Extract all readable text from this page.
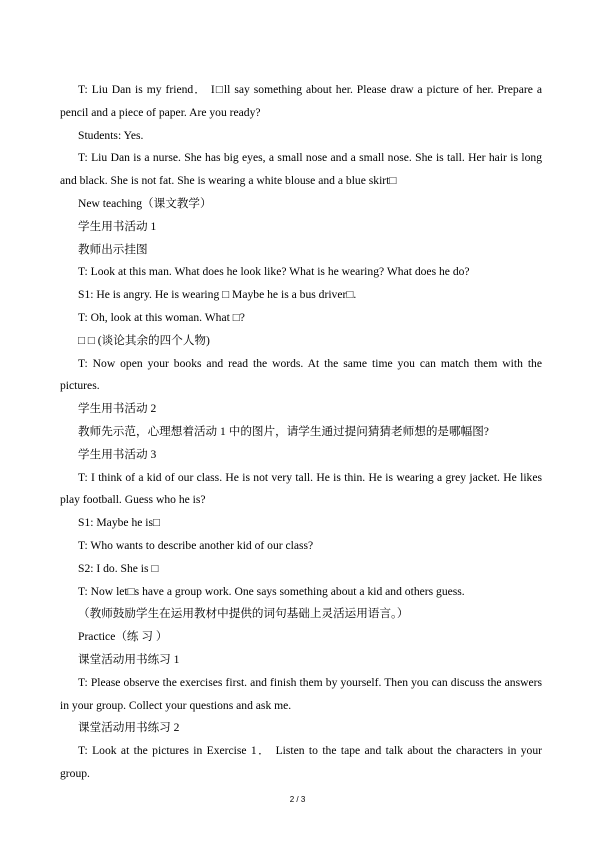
T: Liu Dan is my friend． I□ll say something about her. Please draw a picture of her. Prepare a pencil and a piece of paper. Are you ready?

Students: Yes.

T: Liu Dan is a nurse. She has big eyes, a small nose and a small nose. She is tall. Her hair is long and black. She is not fat. She is wearing a white blouse and a blue skirt□

New teaching（课文教学）

学生用书活动 1

教师出示挂图

T: Look at this man. What does he look like? What is he wearing? What does he do?

S1: He is angry. He is wearing □ Maybe he is a bus driver□.

T: Oh, look at this woman. What □?

□ □ (谈论其余的四个人物)

T: Now open your books and read the words. At the same time you can match them with the pictures.

学生用书活动 2

教师先示范，心理想着活动 1 中的图片，请学生通过提问猜猜老师想的是哪幅图?

学生用书活动 3

T: I think of a kid of our class. He is not very tall. He is thin. He is wearing a grey jacket. He likes play football. Guess who he is?

S1: Maybe he is□

T: Who wants to describe another kid of our class?

S2: I do. She is □

T: Now let□s have a group work. One says something about a kid and others guess.

（教师鼓励学生在运用教材中提供的词句基础上灵活运用语言。）

Practice（练 习 ）

课堂活动用书练习 1

T: Please observe the exercises first. and finish them by yourself. Then you can discuss the answers in your group. Collect your questions and ask me.

课堂活动用书练习 2

T: Look at the pictures in Exercise 1． Listen to the tape and talk about the characters in your group.

2 / 3
